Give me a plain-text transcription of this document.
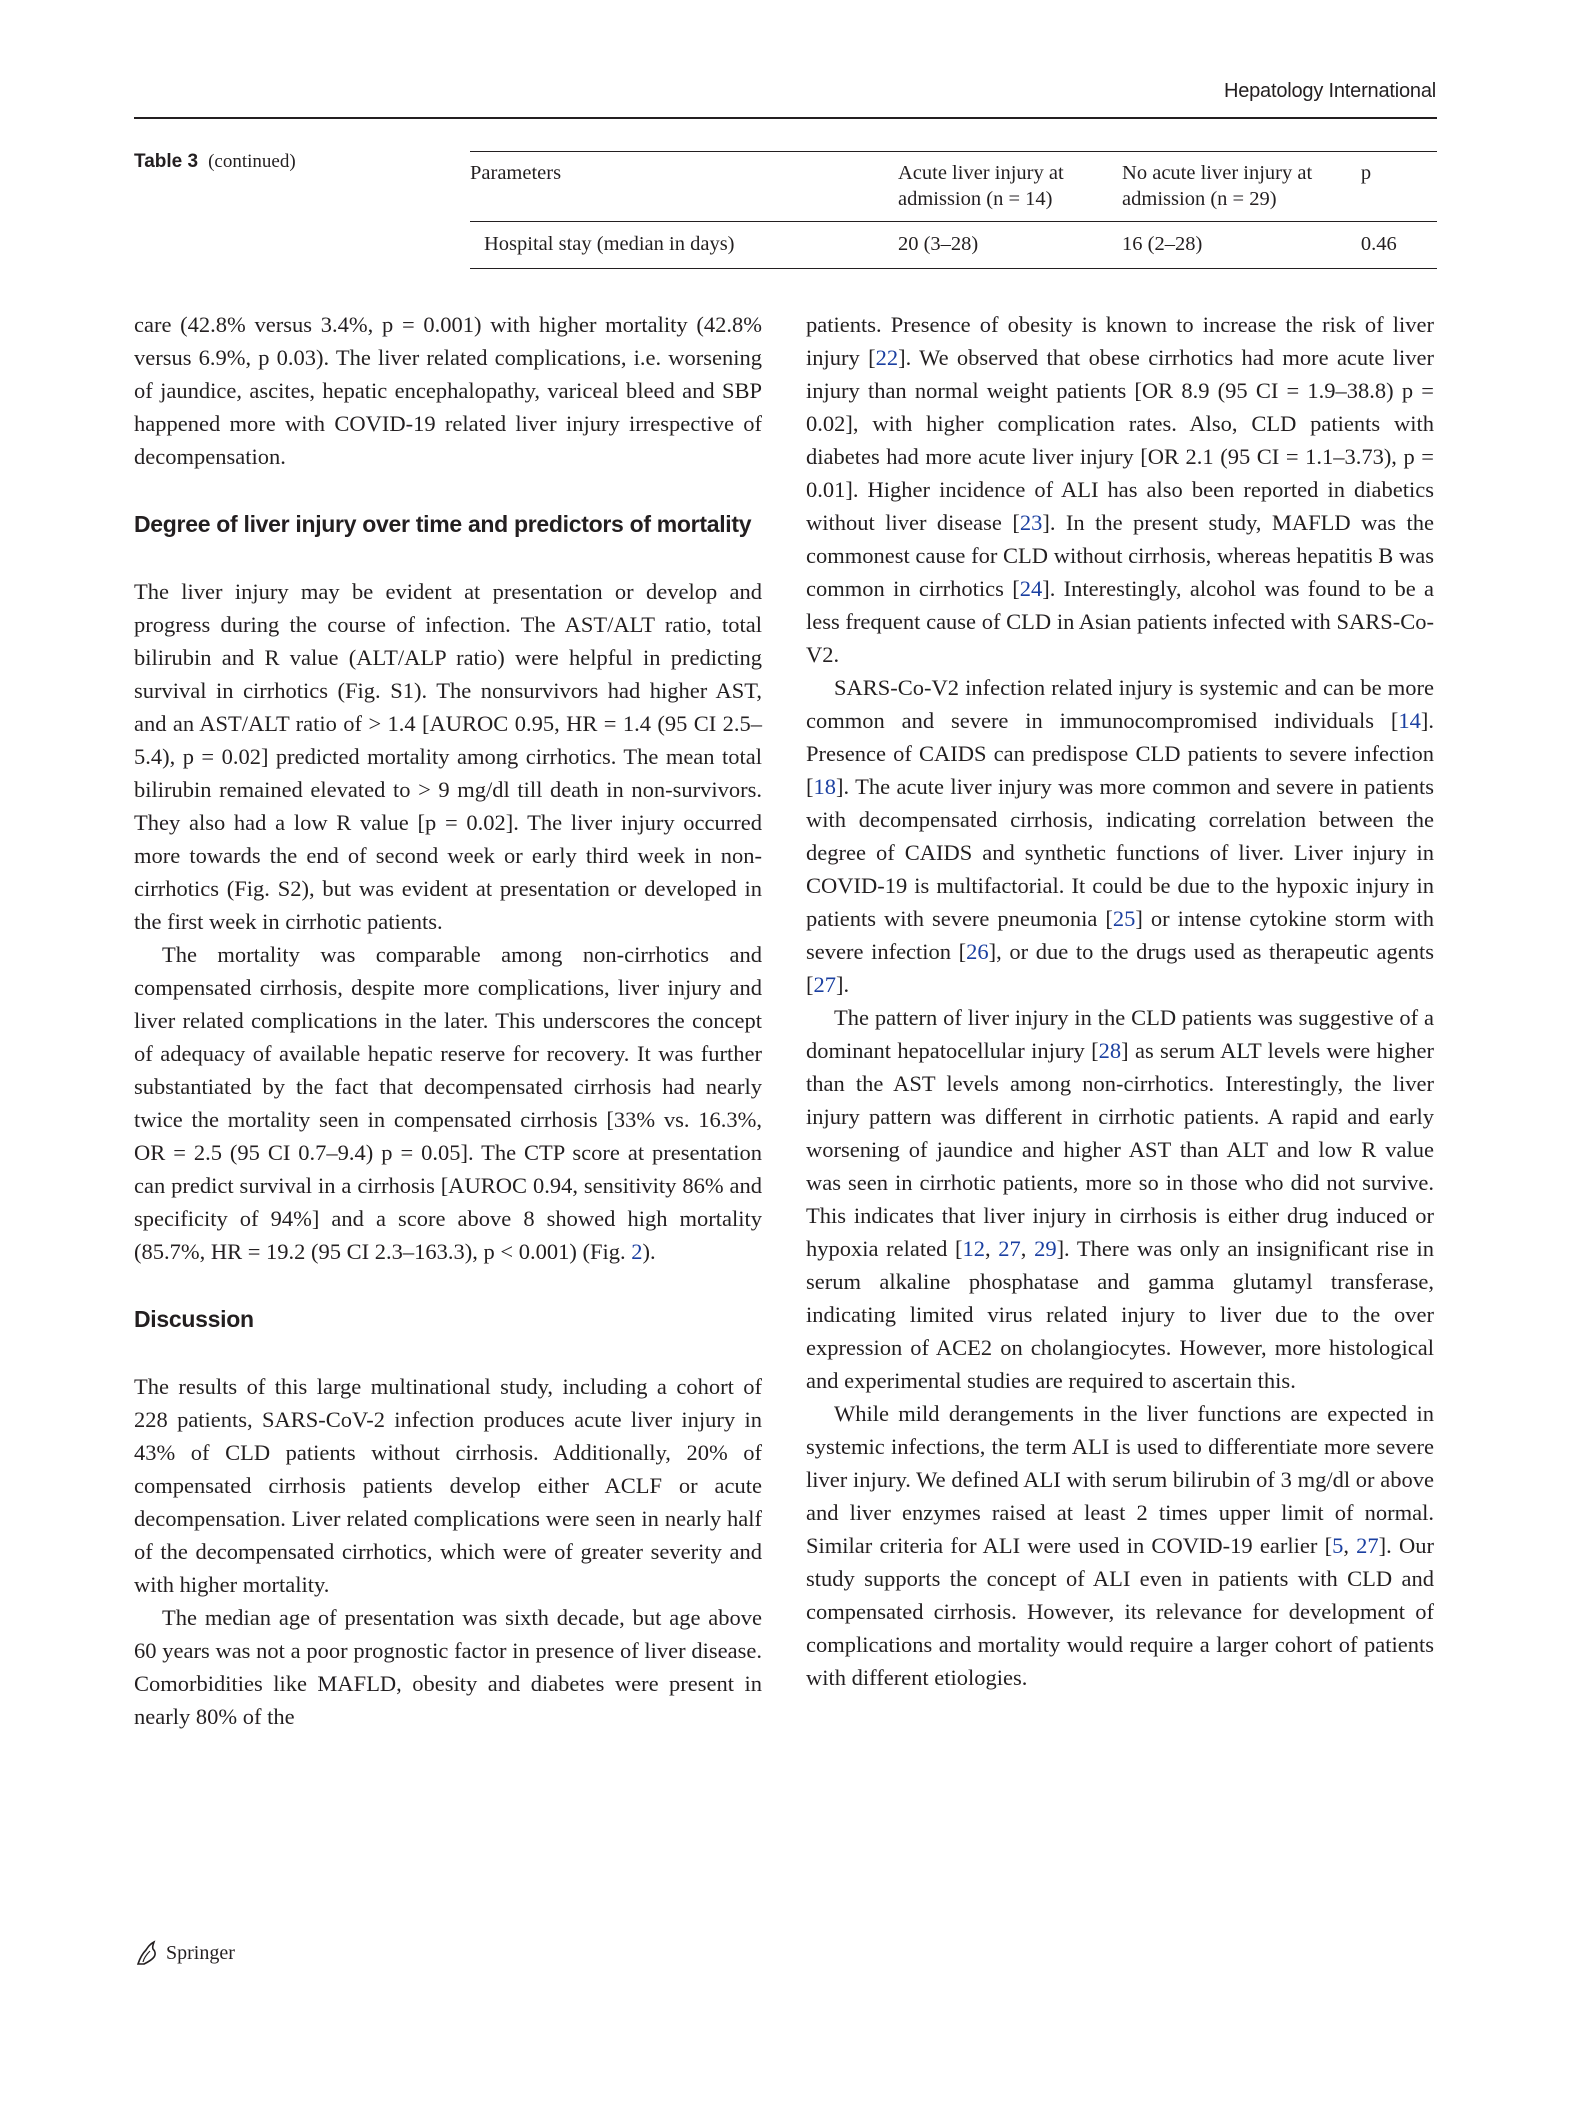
Hepatology International
Table 3 (continued)
Parameters	Acute liver injury at admission (n = 14)	No acute liver injury at admission (n = 29)	p

Hospital stay (median in days)	20 (3–28)	16 (2–28)	0.46

care (42.8% versus 3.4%, p = 0.001) with higher mortality (42.8% versus 6.9%, p 0.03). The liver related complications, i.e. worsening of jaundice, ascites, hepatic encephalopathy, variceal bleed and SBP happened more with COVID-19 related liver injury irrespective of decompensation.

Degree of liver injury over time and predictors of mortality

The liver injury may be evident at presentation or develop and progress during the course of infection. The AST/ALT ratio, total bilirubin and R value (ALT/ALP ratio) were helpful in predicting survival in cirrhotics (Fig. S1). The nonsurvivors had higher AST, and an AST/ALT ratio of > 1.4 [AUROC 0.95, HR = 1.4 (95 CI 2.5–5.4), p = 0.02] predicted mortality among cirrhotics. The mean total bilirubin remained elevated to > 9 mg/dl till death in non-survivors. They also had a low R value [p = 0.02]. The liver injury occurred more towards the end of second week or early third week in non-cirrhotics (Fig. S2), but was evident at presentation or developed in the first week in cirrhotic patients.

The mortality was comparable among non-cirrhotics and compensated cirrhosis, despite more complications, liver injury and liver related complications in the later. This underscores the concept of adequacy of available hepatic reserve for recovery. It was further substantiated by the fact that decompensated cirrhosis had nearly twice the mortality seen in compensated cirrhosis [33% vs. 16.3%, OR = 2.5 (95 CI 0.7–9.4) p = 0.05]. The CTP score at presentation can predict survival in a cirrhosis [AUROC 0.94, sensitivity 86% and specificity of 94%] and a score above 8 showed high mortality (85.7%, HR = 19.2 (95 CI 2.3–163.3), p < 0.001) (Fig. 2).

Discussion

The results of this large multinational study, including a cohort of 228 patients, SARS-CoV-2 infection produces acute liver injury in 43% of CLD patients without cirrhosis. Additionally, 20% of compensated cirrhosis patients develop either ACLF or acute decompensation. Liver related complications were seen in nearly half of the decompensated cirrhotics, which were of greater severity and with higher mortality.

The median age of presentation was sixth decade, but age above 60 years was not a poor prognostic factor in presence of liver disease. Comorbidities like MAFLD, obesity and diabetes were present in nearly 80% of the

patients. Presence of obesity is known to increase the risk of liver injury [22]. We observed that obese cirrhotics had more acute liver injury than normal weight patients [OR 8.9 (95 CI = 1.9–38.8) p = 0.02], with higher complication rates. Also, CLD patients with diabetes had more acute liver injury [OR 2.1 (95 CI = 1.1–3.73), p = 0.01]. Higher incidence of ALI has also been reported in diabetics without liver disease [23]. In the present study, MAFLD was the commonest cause for CLD without cirrhosis, whereas hepatitis B was common in cirrhotics [24]. Interestingly, alcohol was found to be a less frequent cause of CLD in Asian patients infected with SARS-Co-V2.

SARS-Co-V2 infection related injury is systemic and can be more common and severe in immunocompromised individuals [14]. Presence of CAIDS can predispose CLD patients to severe infection [18]. The acute liver injury was more common and severe in patients with decompensated cirrhosis, indicating correlation between the degree of CAIDS and synthetic functions of liver. Liver injury in COVID-19 is multifactorial. It could be due to the hypoxic injury in patients with severe pneumonia [25] or intense cytokine storm with severe infection [26], or due to the drugs used as therapeutic agents [27].

The pattern of liver injury in the CLD patients was suggestive of a dominant hepatocellular injury [28] as serum ALT levels were higher than the AST levels among non-cirrhotics. Interestingly, the liver injury pattern was different in cirrhotic patients. A rapid and early worsening of jaundice and higher AST than ALT and low R value was seen in cirrhotic patients, more so in those who did not survive. This indicates that liver injury in cirrhosis is either drug induced or hypoxia related [12, 27, 29]. There was only an insignificant rise in serum alkaline phosphatase and gamma glutamyl transferase, indicating limited virus related injury to liver due to the over expression of ACE2 on cholangiocytes. However, more histological and experimental studies are required to ascertain this.

While mild derangements in the liver functions are expected in systemic infections, the term ALI is used to differentiate more severe liver injury. We defined ALI with serum bilirubin of 3 mg/dl or above and liver enzymes raised at least 2 times upper limit of normal. Similar criteria for ALI were used in COVID-19 earlier [5, 27]. Our study supports the concept of ALI even in patients with CLD and compensated cirrhosis. However, its relevance for development of complications and mortality would require a larger cohort of patients with different etiologies.

Springer
